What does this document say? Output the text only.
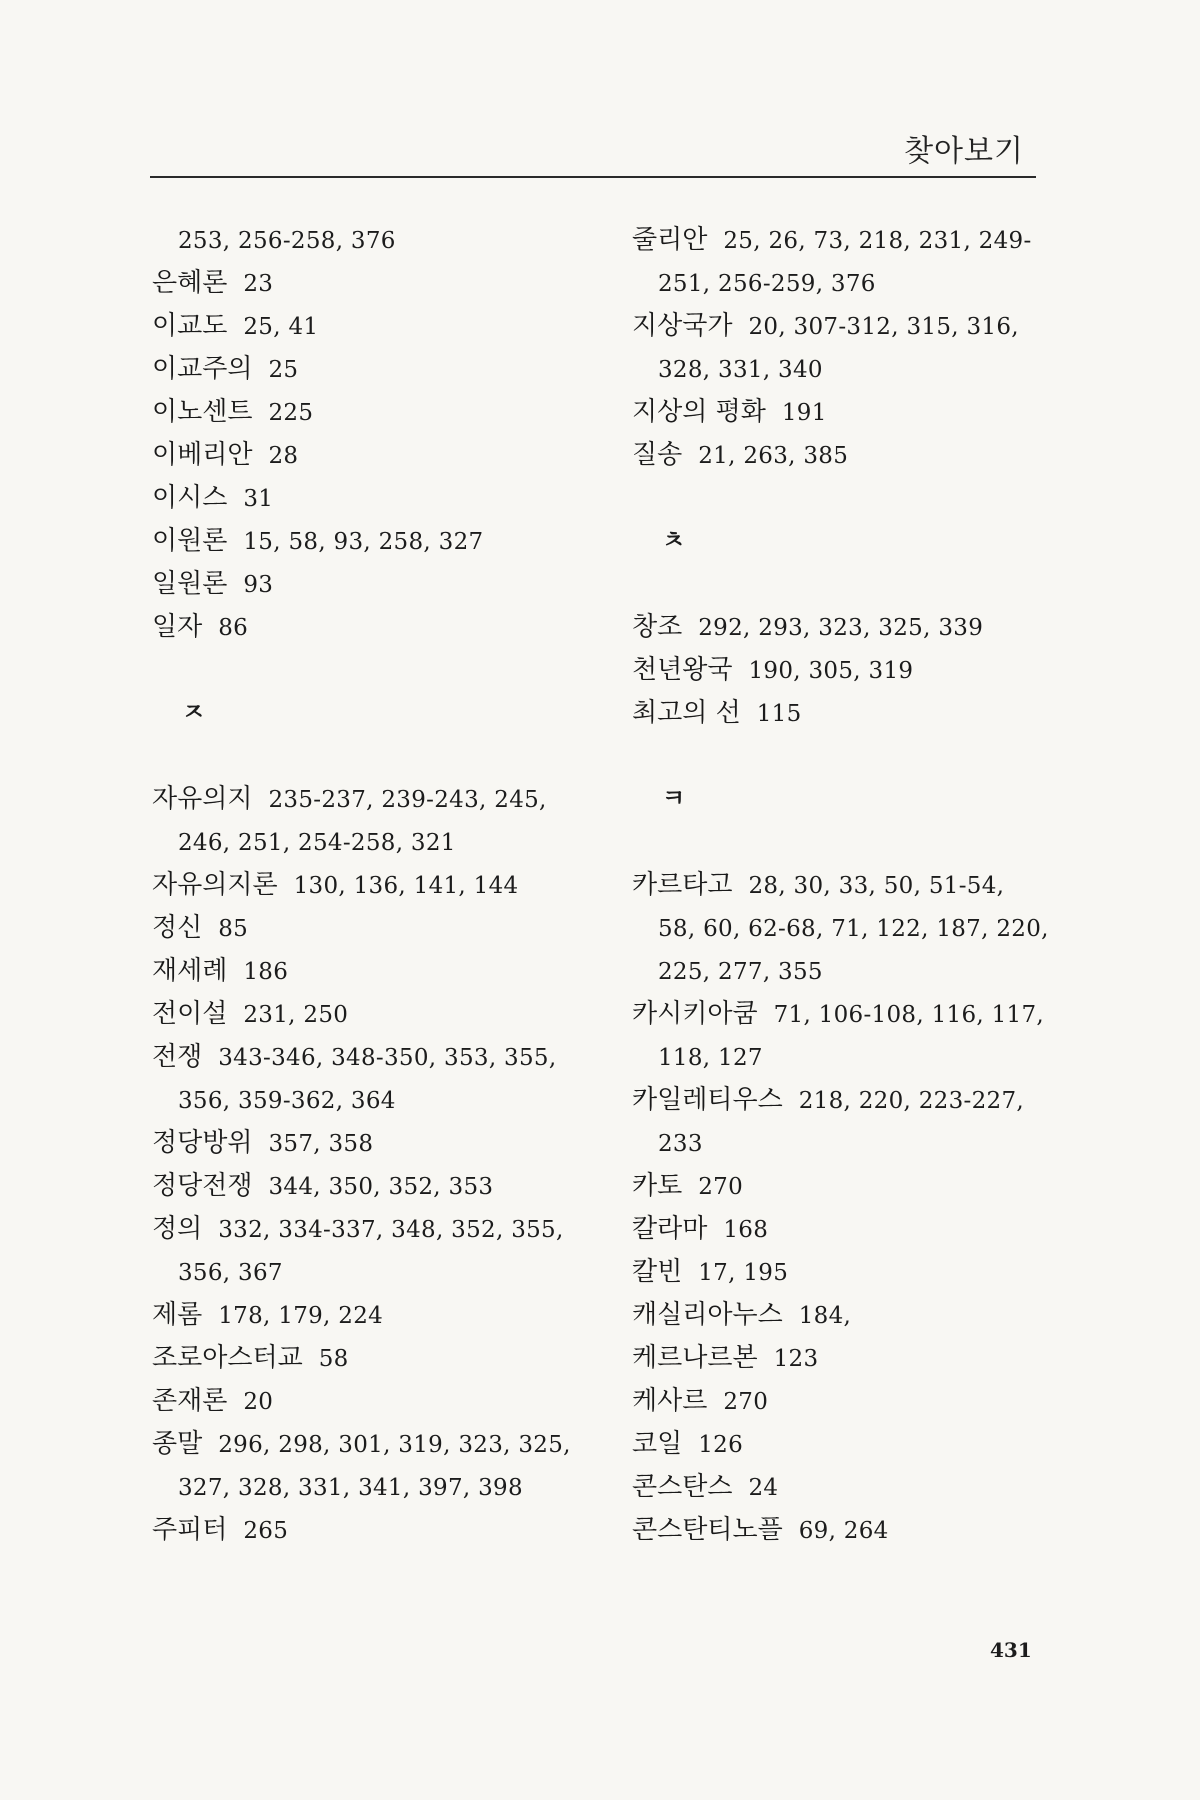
찾아보기
253, 256-258, 376
은혜론 23
이교도 25, 41
이교주의 25
이노센트 225
이베리안 28
이시스 31
이원론 15, 58, 93, 258, 327
일원론 93
일자 86
ㅈ
자유의지 235-237, 239-243, 245,
246, 251, 254-258, 321
자유의지론 130, 136, 141, 144
정신 85
재세례 186
전이설 231, 250
전쟁 343-346, 348-350, 353, 355,
356, 359-362, 364
정당방위 357, 358
정당전쟁 344, 350, 352, 353
정의 332, 334-337, 348, 352, 355,
356, 367
제롬 178, 179, 224
조로아스터교 58
존재론 20
종말 296, 298, 301, 319, 323, 325,
327, 328, 331, 341, 397, 398
주피터 265
줄리안 25, 26, 73, 218, 231, 249-
251, 256-259, 376
지상국가 20, 307-312, 315, 316,
328, 331, 340
지상의 평화 191
질송 21, 263, 385
ㅊ
창조 292, 293, 323, 325, 339
천년왕국 190, 305, 319
최고의 선 115
ㅋ
카르타고 28, 30, 33, 50, 51-54,
58, 60, 62-68, 71, 122, 187, 220,
225, 277, 355
카시키아쿰 71, 106-108, 116, 117,
118, 127
카일레티우스 218, 220, 223-227,
233
카토 270
칼라마 168
칼빈 17, 195
캐실리아누스 184,
케르나르본 123
케사르 270
코일 126
콘스탄스 24
콘스탄티노플 69, 264
431
